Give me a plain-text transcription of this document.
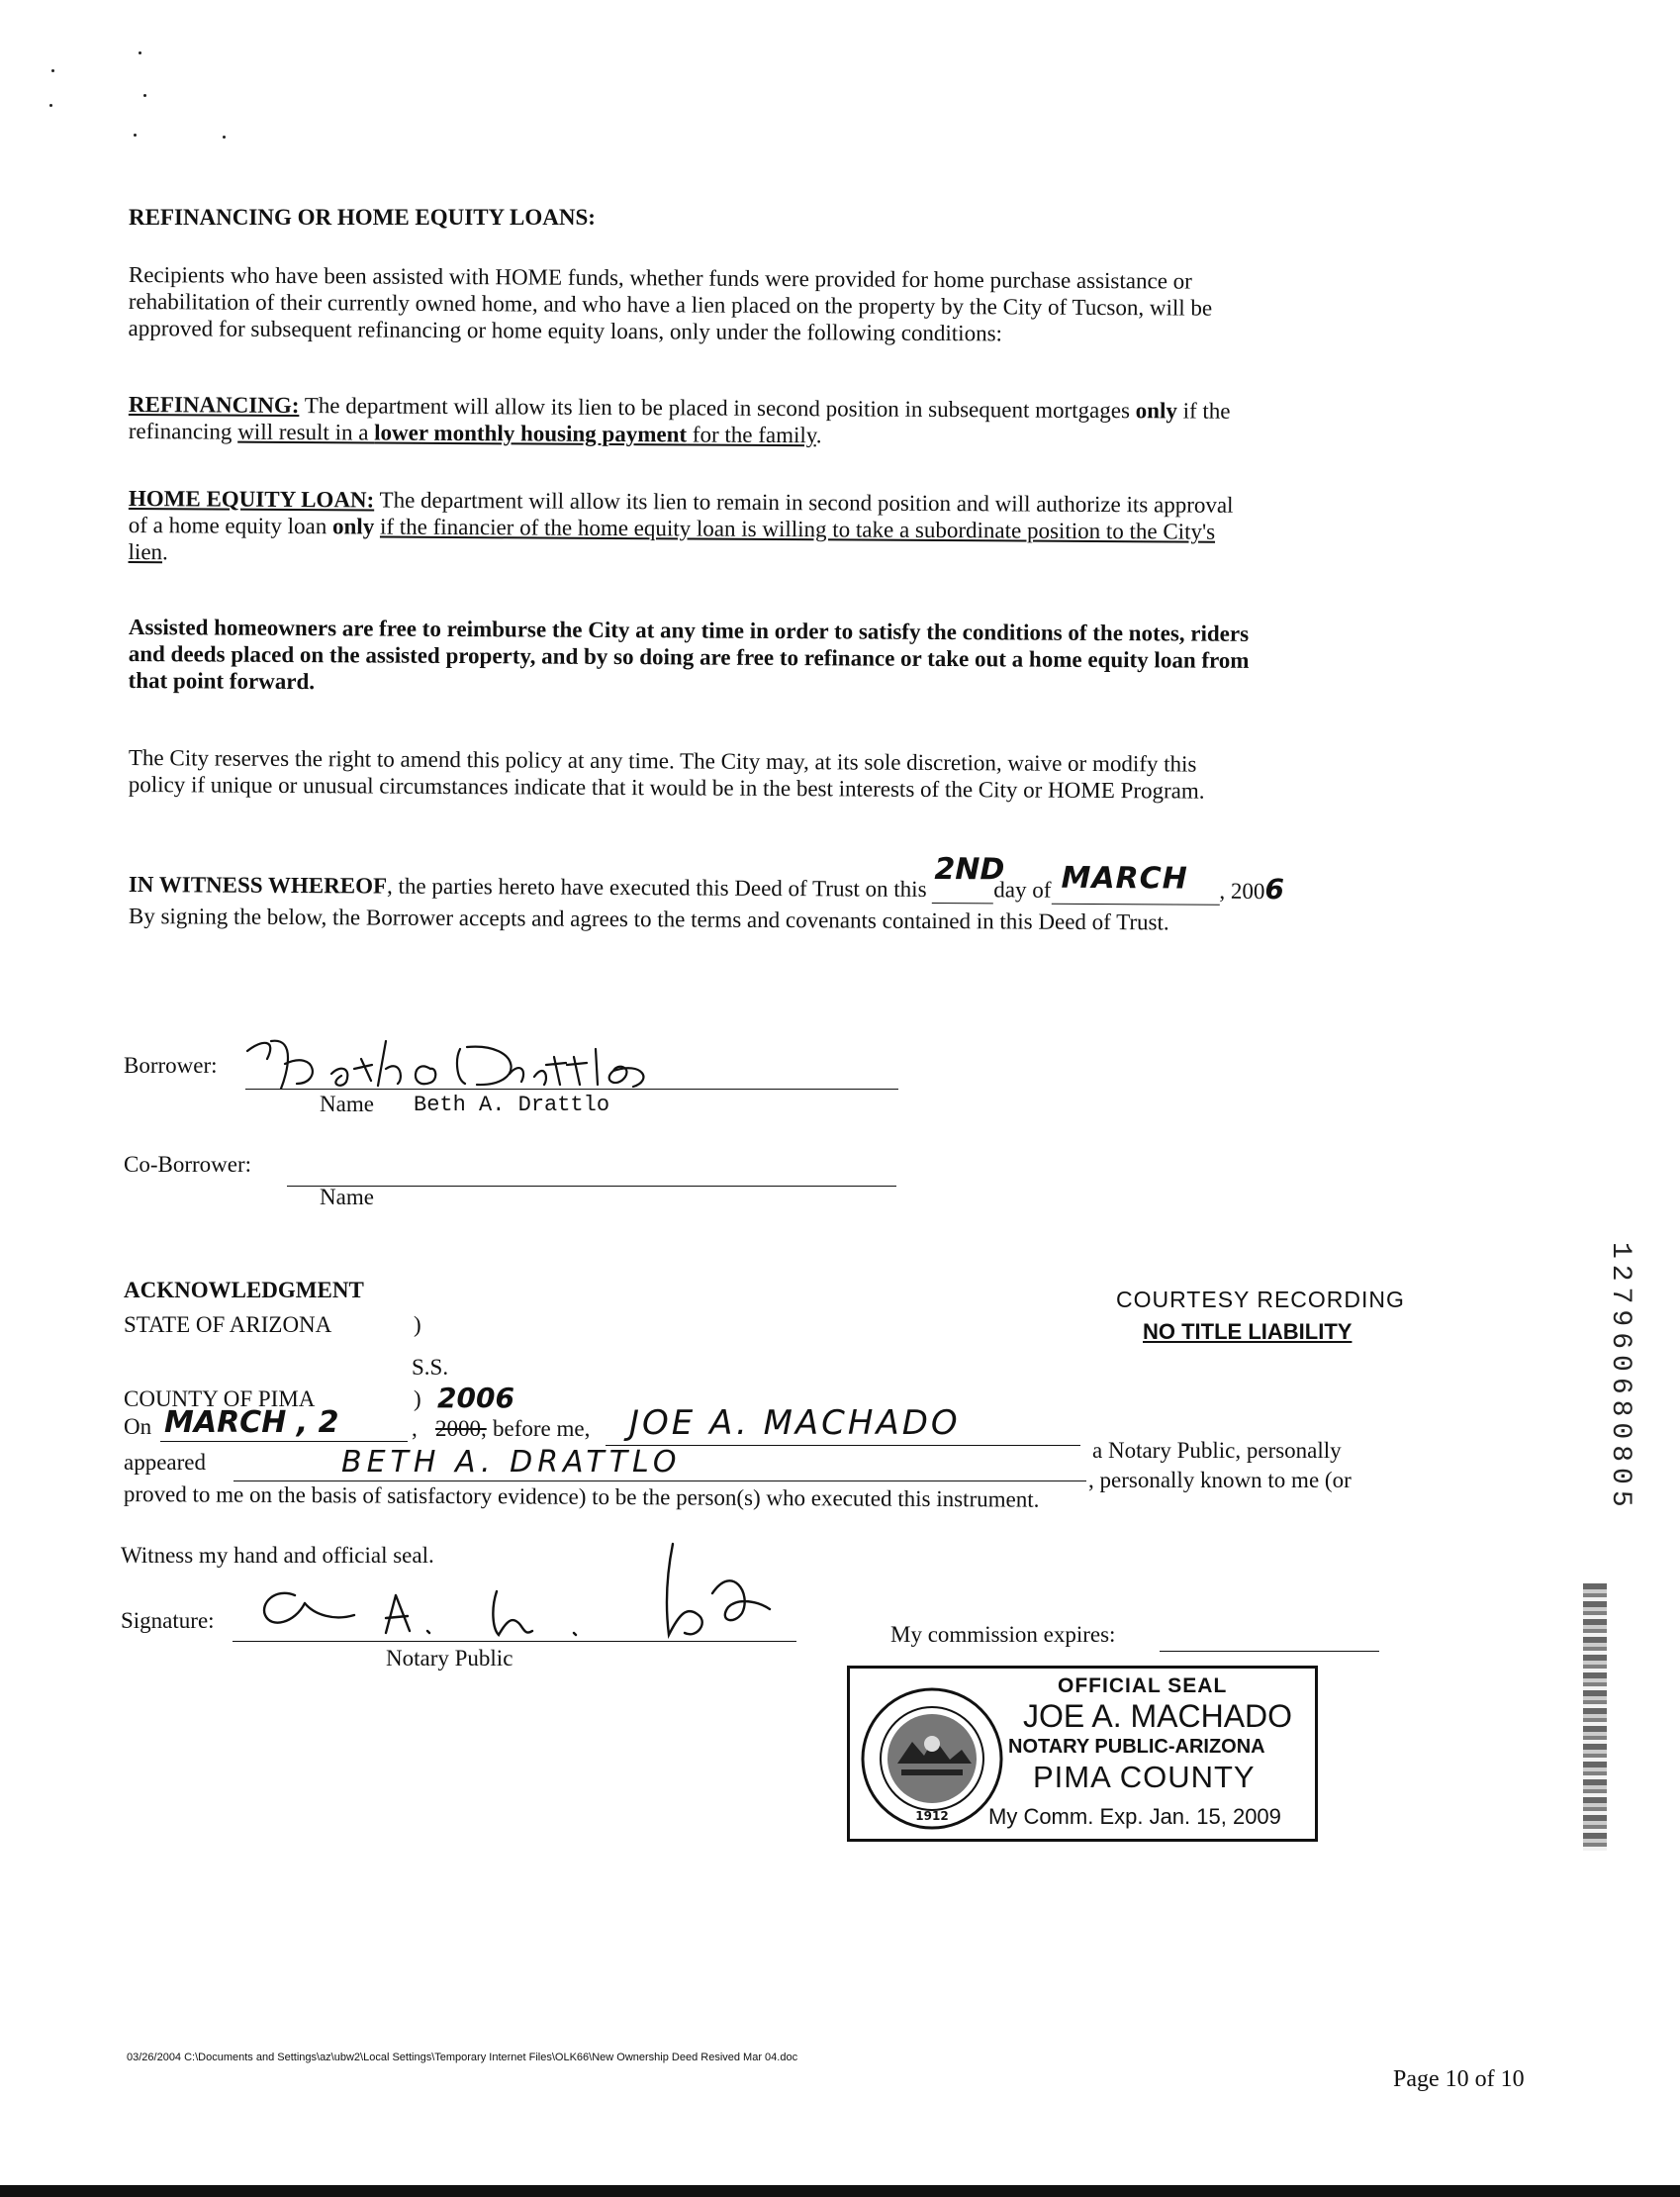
REFINANCING OR HOME EQUITY LOANS:
Recipients who have been assisted with HOME funds, whether funds were provided for home purchase assistance or
rehabilitation of their currently owned home, and who have a lien placed on the property by the City of Tucson, will be
approved for subsequent refinancing or home equity loans, only under the following conditions:
REFINANCING: The department will allow its lien to be placed in second position in subsequent mortgages only if the
refinancing will result in a lower monthly housing payment for the family.
HOME EQUITY LOAN: The department will allow its lien to remain in second position and will authorize its approval
of a home equity loan only if the financier of the home equity loan is willing to take a subordinate position to the City's
lien.
Assisted homeowners are free to reimburse the City at any time in order to satisfy the conditions of the notes, riders
and deeds placed on the assisted property, and by so doing are free to refinance or take out a home equity loan from
that point forward.
The City reserves the right to amend this policy at any time. The City may, at its sole discretion, waive or modify this
policy if unique or unusual circumstances indicate that it would be in the best interests of the City or HOME Program.
IN WITNESS WHEREOF, the parties hereto have executed this Deed of Trust on this
2ND
day of MARCH , 2006
By signing the below, the Borrower accepts and agrees to the terms and covenants contained in this Deed of Trust.
Borrower:
Name Beth A. Drattlo
Co-Borrower:
Name
ACKNOWLEDGMENT
STATE OF ARIZONA	)
S.S.
COUNTY OF PIMA	) 2006
On MARCH , 2	, 2000, before me, JOE A. MACHADO
a Notary Public, personally
appeared	BETH A. DRATTLO
, personally known to me (or
proved to me on the basis of satisfactory evidence) to be the person(s) who executed this instrument.
Witness my hand and official seal.
Signature:
Notary Public
My commission expires:
COURTESY RECORDING
NO TITLE LIABILITY
1912
OFFICIAL SEAL
JOE A. MACHADO
NOTARY PUBLIC-ARIZONA
PIMA COUNTY
My Comm. Exp. Jan. 15, 2009
127960680805
03/26/2004 C:\Documents and Settings\az\ubw2\Local Settings\Temporary Internet Files\OLK66\New Ownership Deed Resived Mar 04.doc
Page 10 of 10
